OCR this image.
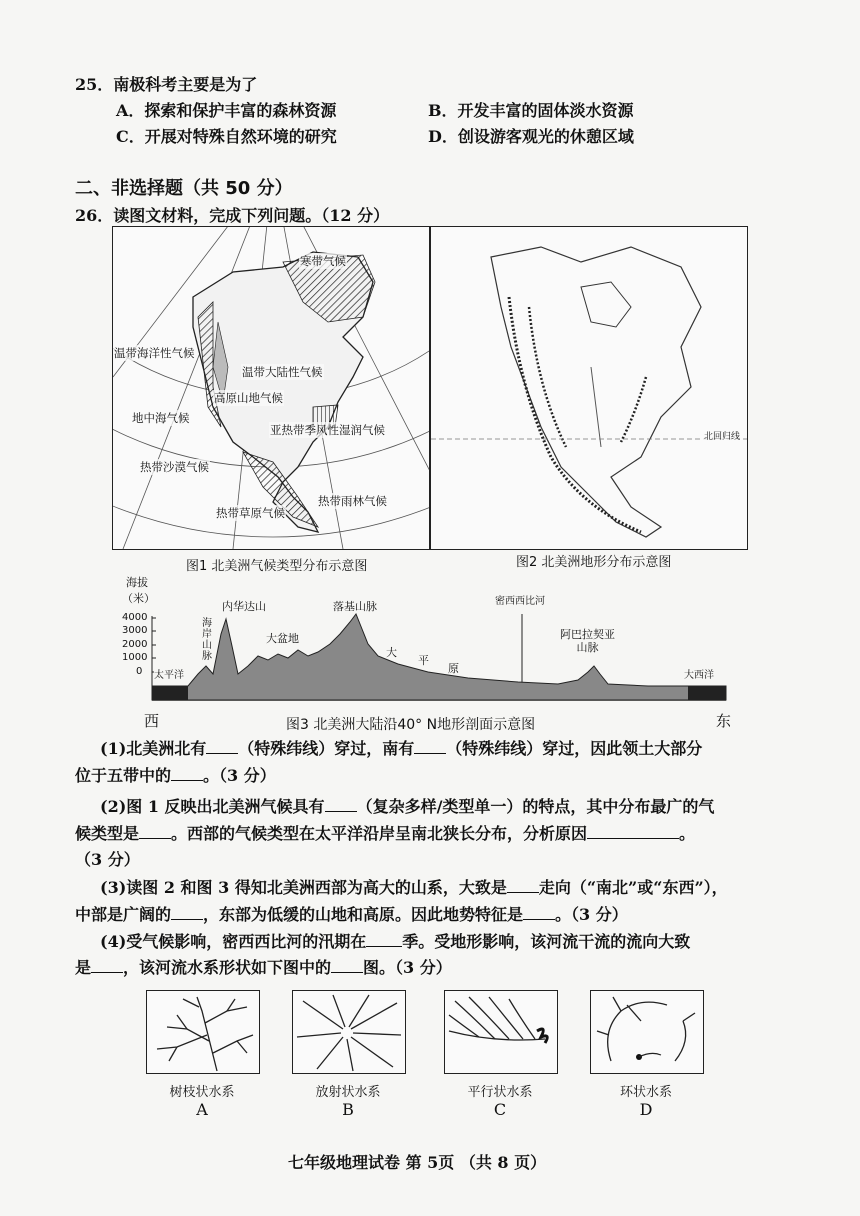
25．南极科考主要是为了
A．探索和保护丰富的森林资源	B．开发丰富的固体淡水资源
C．开展对特殊自然环境的研究	D．创设游客观光的休憩区域
二、非选择题（共 50 分）
26．读图文材料，完成下列问题。（12 分）
寒带气候
温带海洋性气候
温带大陆性气候
高原山地气候
地中海气候
亚热带季风性湿润气候
热带沙漠气候
热带雨林气候
热带草原气候
图1 北美洲气候类型分布示意图
北回归线
图2 北美洲地形分布示意图
海拔
（米）
4000
3000
2000
1000
0 太平洋
海
岸
山
脉
内华达山
大盆地
落基山脉
大
平
原
密西西比河
阿巴拉契亚
山脉
大西洋
西	东
图3 北美洲大陆沿40° N地形剖面示意图
(1)北美洲北有 （特殊纬线）穿过，南有 （特殊纬线）穿过，因此领土大部分
位于五带中的 。（3 分）
(2)图 1 反映出北美洲气候具有 （复杂多样/类型单一）的特点，其中分布最广的气
候类型是 。西部的气候类型在太平洋沿岸呈南北狭长分布，分析原因	。
（3 分）
(3)读图 2 和图 3 得知北美洲西部为高大的山系，大致是 走向（“南北”或“东西”），
中部是广阔的 ，东部为低缓的山地和高原。因此地势特征是 。（3 分）
(4)受气候影响，密西西比河的汛期在 季。受地形影响，该河流干流的流向大致
是 ，该河流水系形状如下图中的 图。（3 分）
树枝状水系	放射状水系	平行状水系	环状水系
A	B	C	D
七年级地理试卷 第 5页 （共 8 页）
